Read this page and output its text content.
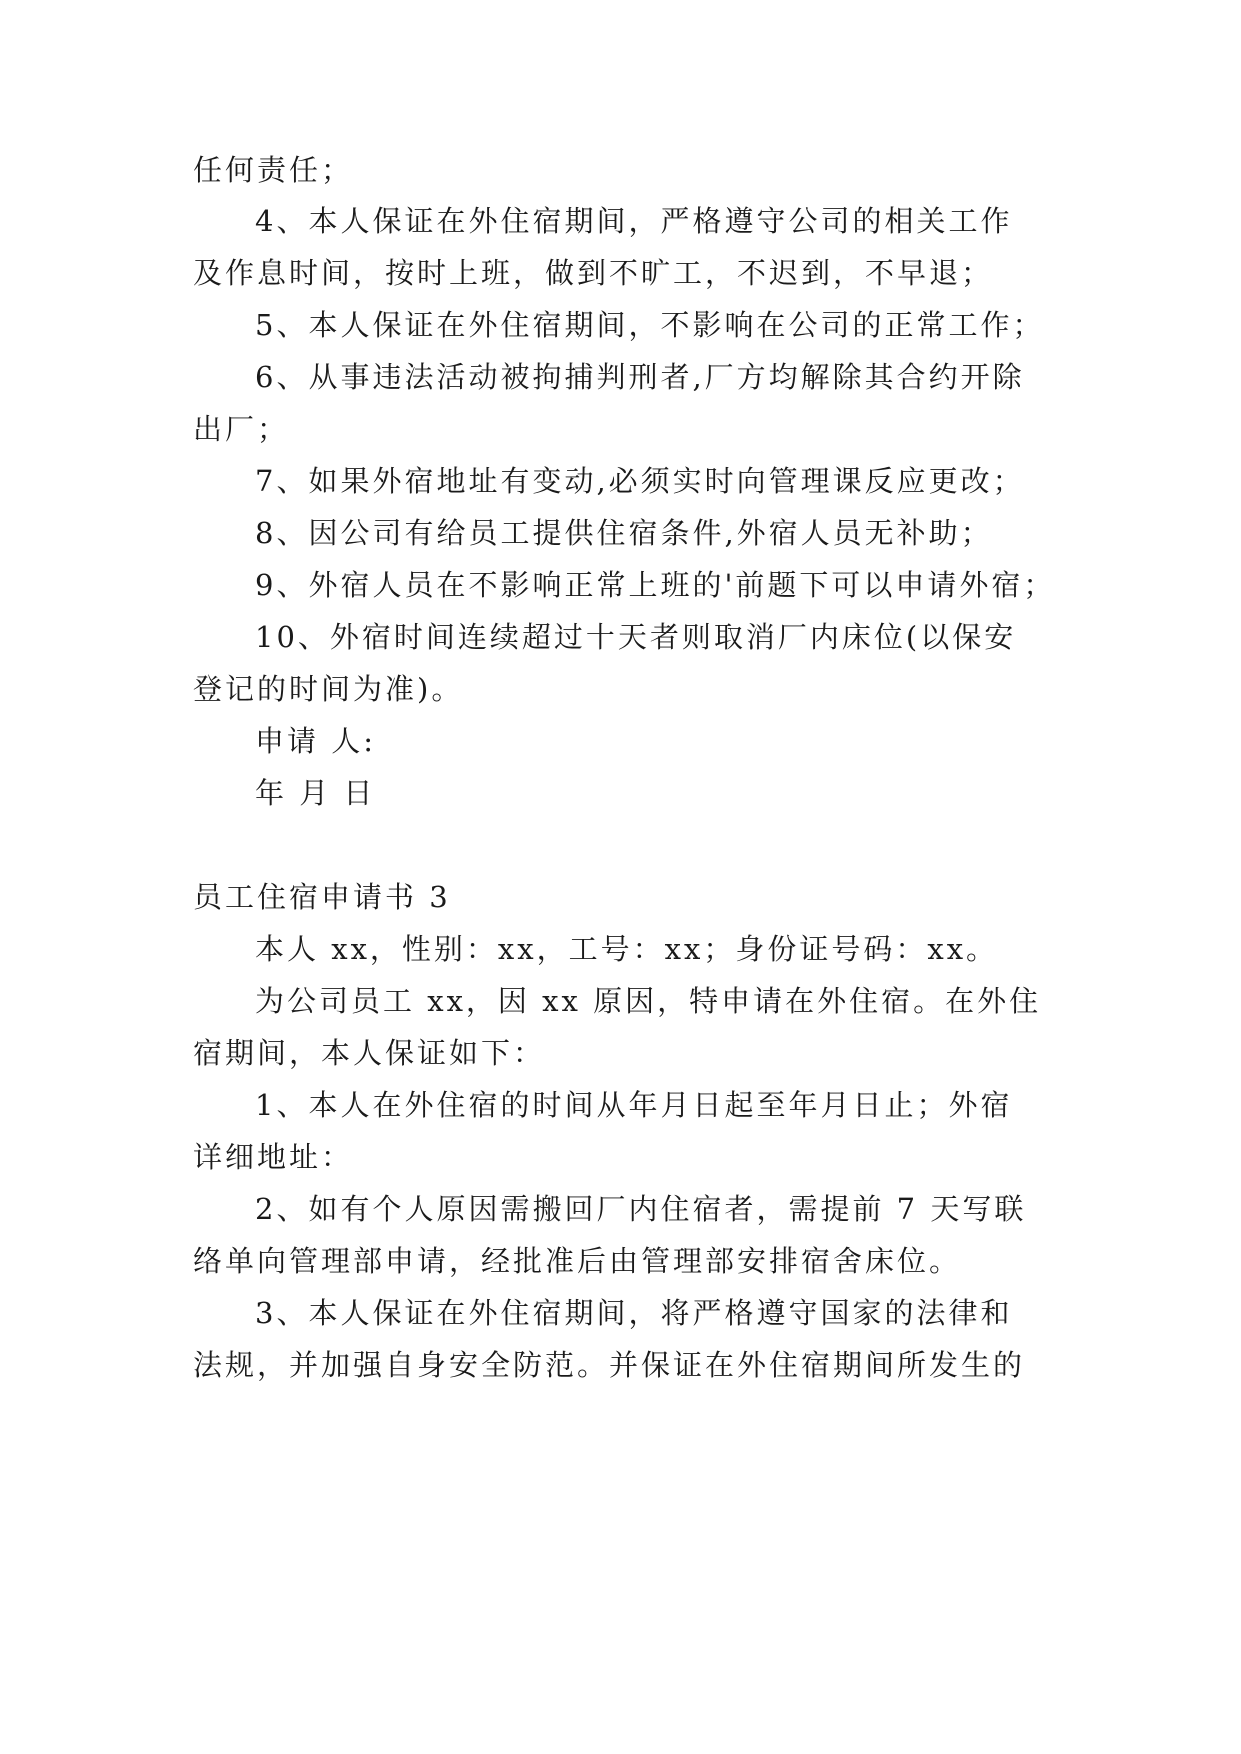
任何责任；
4、本人保证在外住宿期间，严格遵守公司的相关工作
及作息时间，按时上班，做到不旷工，不迟到，不早退；
5、本人保证在外住宿期间，不影响在公司的正常工作；
6、从事违法活动被拘捕判刑者,厂方均解除其合约开除
出厂；
7、如果外宿地址有变动,必须实时向管理课反应更改；
8、因公司有给员工提供住宿条件,外宿人员无补助；
9、外宿人员在不影响正常上班的'前题下可以申请外宿；
10、外宿时间连续超过十天者则取消厂内床位(以保安
登记的时间为准)。
申请 人:
年 月 日
员工住宿申请书 3
本人 xx，性别：xx，工号：xx；身份证号码：xx。
为公司员工 xx，因 xx 原因，特申请在外住宿。在外住
宿期间，本人保证如下：
1、本人在外住宿的时间从年月日起至年月日止；外宿
详细地址：
2、如有个人原因需搬回厂内住宿者，需提前 7 天写联
络单向管理部申请，经批准后由管理部安排宿舍床位。
3、本人保证在外住宿期间，将严格遵守国家的法律和
法规，并加强自身安全防范。并保证在外住宿期间所发生的
